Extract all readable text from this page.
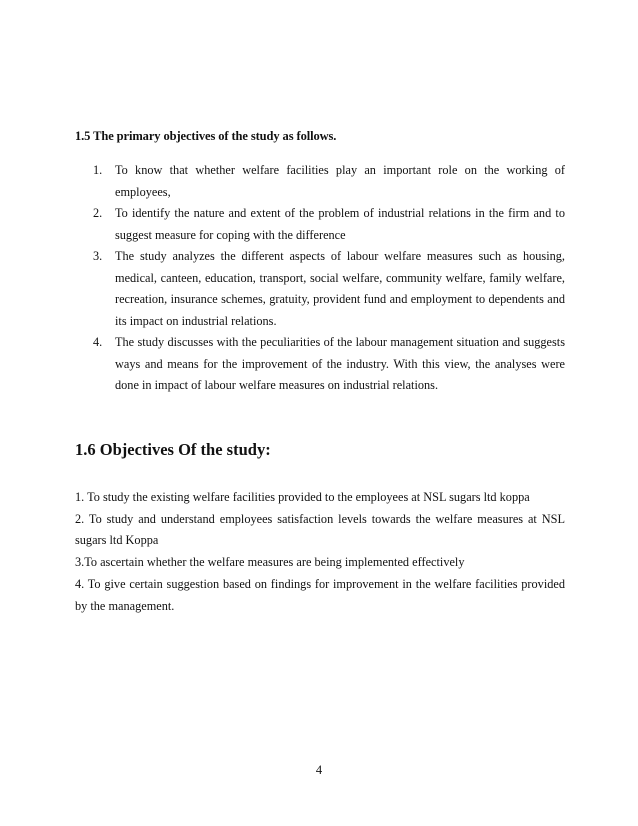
1.5 The primary objectives of the study as follows.
1. To know that whether welfare facilities play an important role on the working of employees,
2. To identify the nature and extent of the problem of industrial relations in the firm and to suggest measure for coping with the difference
3. The study analyzes the different aspects of labour welfare measures such as housing, medical, canteen, education, transport, social welfare, community welfare, family welfare, recreation, insurance schemes, gratuity, provident fund and employment to dependents and its impact on industrial relations.
4. The study discusses with the peculiarities of the labour management situation and suggests ways and means for the improvement of the industry. With this view, the analyses were done in impact of labour welfare measures on industrial relations.
1.6 Objectives Of the study:

1. To study the existing welfare facilities provided to the employees at NSL sugars ltd koppa

2. To study and understand employees satisfaction levels towards the welfare measures at NSL sugars ltd Koppa

3.To ascertain whether the welfare measures are being implemented effectively

4. To give certain suggestion based on findings for improvement in the welfare facilities provided by the management.

4
